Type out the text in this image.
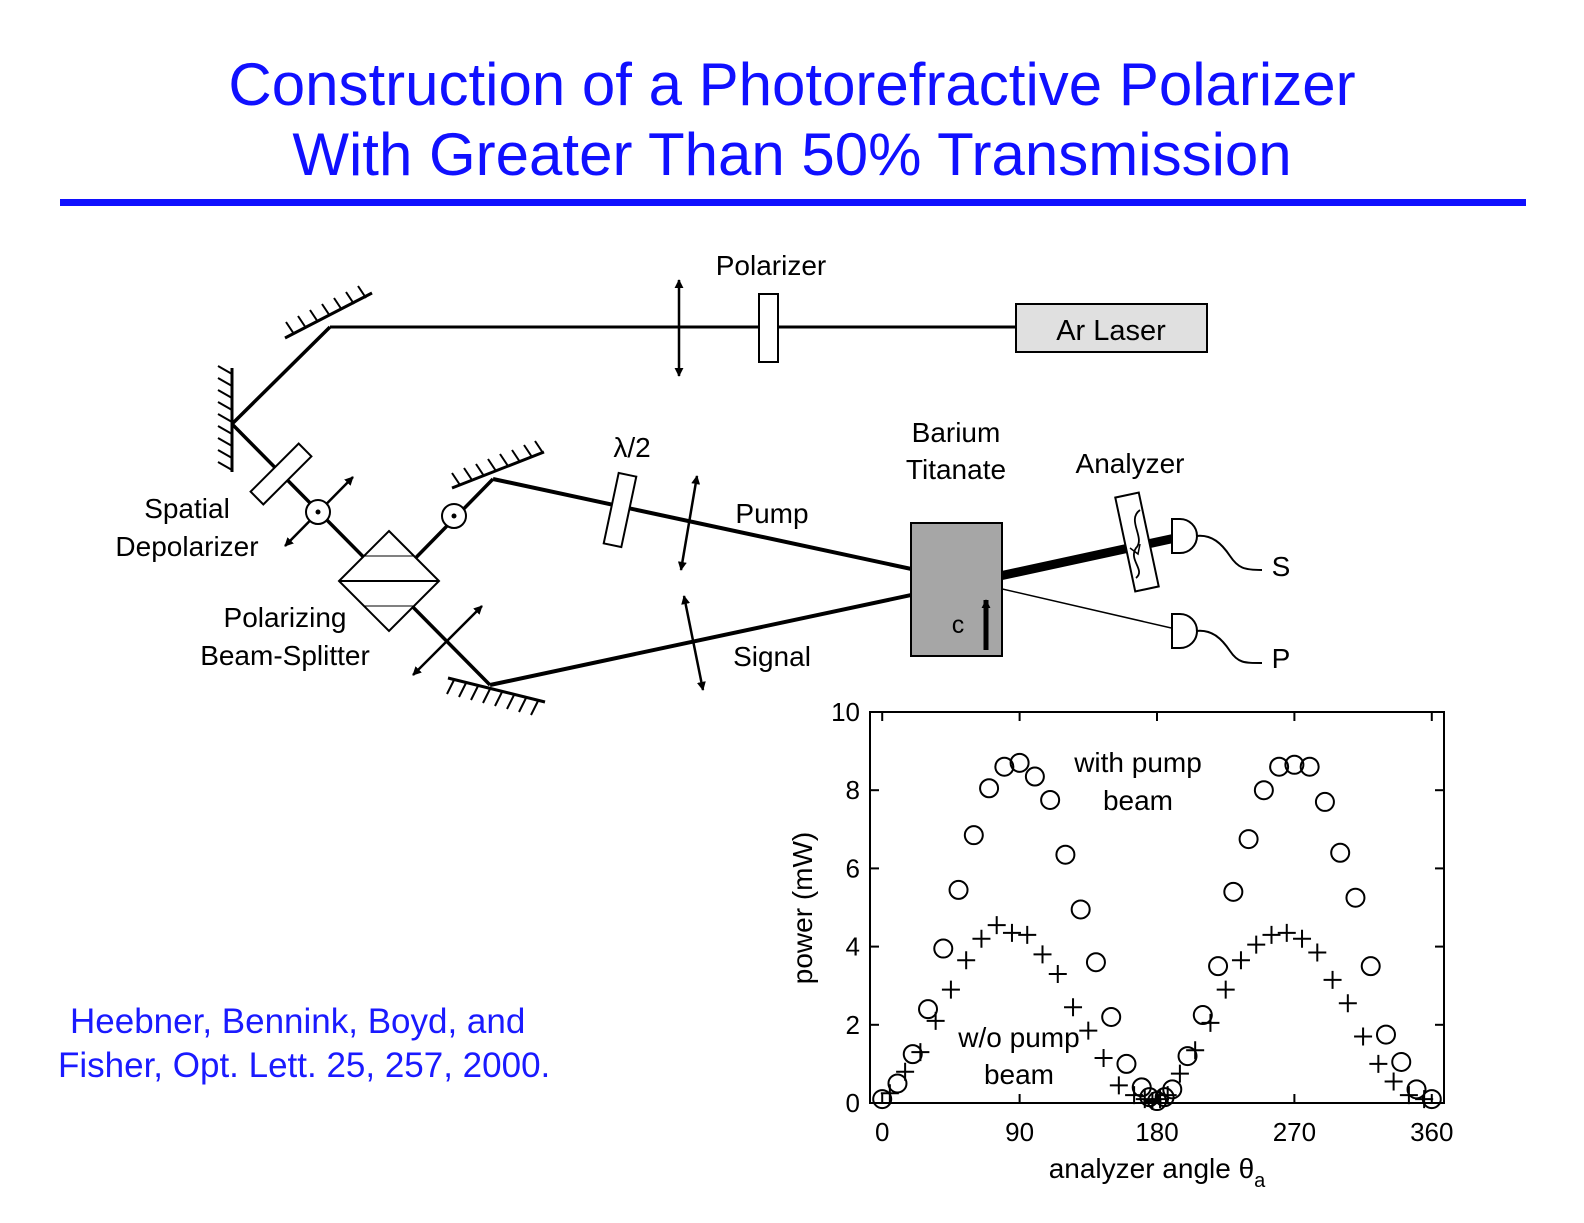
Construction of a Photorefractive Polarizer
With Greater Than 50% Transmission
Ar Laser
c
Polarizer
λ/2	Barium
Titanate Analyzer
Spatial
Depolarizer
Pump
Polarizing
Beam-Splitter	Signal
S
P
0	90	180	270	360
0
2
4
6
8
10
with pump
beam
w/o pump
beam
analyzer angle $\theta_a$
power (mW)
Heebner, Bennink, Boyd, and
Fisher, Opt. Lett. 25, 257, 2000.
